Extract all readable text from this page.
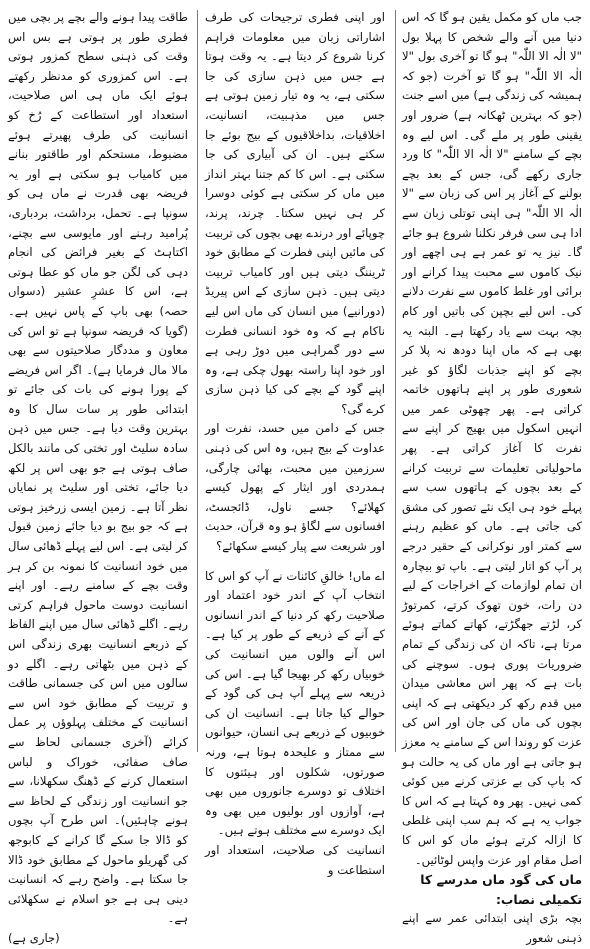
جب ماں کو مکمل یقین ہو گا کہ اس دنیا میں آنے والے شخص کا پہلا بول "لا الٰہ الا اللّٰہ" ہو گا تو آخری بول "لا الٰہ الا اللّٰہ" ہو گا تو آخرت (جو کہ ہمیشہ کی زندگی ہے) میں اسے جنت (جو کہ بہترین ٹھکانہ ہے) ضرور اور یقینی طور پر ملے گی۔ اس لیے وہ بچے کے سامنے "لا الٰہ الا اللّٰہ" کا ورد جاری رکھے گی، جس کے بعد بچے بولنے کے آغاز پر اس کی زبان سے "لا الٰہ الا اللّٰہ" ہی اپنی توتلی زبان سے ادا ہی سی فرفر نکلنا شروع ہو جائے گا۔ نیز یہ تو عمر ہے ہی اچھے اور نیک کاموں سے محبت پیدا کرانے اور برائی اور غلط کاموں سے نفرت دلانے کی۔ اس لیے بچپن کی باتیں اور کام بچہ بہت سے یاد رکھتا ہے۔ البتہ یہ بھی ہے کہ ماں اپنا دودھ نہ پلا کر بچے کو اپنے جذبات لگاؤ کو غیر شعوری طور پر اپنے ہاتھوں خاتمہ کراتی ہے۔ پھر چھوٹی عمر میں انہیں اسکول میں بھیج کر اپنے سے نفرت کا آغاز کراتی ہے۔ پھر ماحولیاتی تعلیمات سے تربیت کرانے کے بعد بچوں کے ہاتھوں سب سے پہلے خود ہی ایک نئے تصور کی مشق کی جاتی ہے۔ ماں کو عظیم رہنے سے کمتر اور نوکرانی کے حقیر درجے پر آپ کو اتار لیتی ہے۔ باپ تو بیچارہ ان تمام لوازمات کے اخراجات کے لیے دن رات، خون تھوک کرتے، کمرتوڑ کر، لڑتے جھگڑتے، کھاتے کماتے ہوئے مرتا ہے، تاکہ ان کی زندگی کے تمام ضروریات پوری ہوں۔ سوچنے کی بات ہے کہ پھر اس معاشی میدان میں قدم رکھ کر دیکھتی ہے کہ اپنی بچوں کی ماں کی جان اور اس کی عزت کو روندا اس کے سامنے یہ معزز ہو جاتی ہے اور ماں کی یہ حالت ہو کہ باپ کی بے عزتی کرنے میں کوئی کمی نہیں۔ پھر وہ کہتا ہے کہ اس کا جواب یہ ہے کہ ہم سب اپنی غلطی کا ازالہ کرتے ہوئے ماں کو اس کا اصل مقام اور عزت واپس لوٹائیں۔

ماں کی گود ماں مدرسے کا تکمیلی نصاب:

بچہ بڑی اپنی ابتدائی عمر سے اپنے ذہنی شعور

اور اپنی فطری ترجیحات کی طرف اشاراتی زبان میں معلومات فراہم کرنا شروع کر دیتا ہے۔ یہ وقت ہوتا ہے جس میں ذہن سازی کی جا سکتی ہے، یہ وہ تیار زمین ہوتی ہے جس میں مذہبیت، انسانیت، اخلاقیات، بداخلاقیوں کے بیج بوئے جا سکتے ہیں۔ ان کی آبیاری کی جا سکتی ہے۔ اس کا کم جتنا بہتر انداز میں ماں کر سکتی ہے کوئی دوسرا کر ہی نہیں سکتا۔ چرند، پرند، چوپائے اور درندے بھی بچوں کی تربیت کی مائیں اپنی فطرت کے مطابق خود ٹریننگ دیتی ہیں اور کامیاب تربیت دیتی ہیں۔ ذہن سازی کے اس پیریڈ (دورانیے) میں انسان کی ماں اس لیے ناکام ہے کہ وہ خود انسانی فطرت سے دور گمراہی میں دوڑ رہی ہے اور خود اپنا راستہ بھول چکی ہے، وہ اپنے گود کے بچے کی کیا ذہن سازی کرے گی؟

جس کے دامن میں حسد، نفرت اور عداوت کے بیج ہیں، وہ اس کی ذہنی سرزمین میں محبت، بھائی چارگی، ہمدردی اور ایثار کے پھول کیسے کھلائے؟ جسے ناول، ڈائجسٹ، افسانوں سے لگاؤ ہو وہ قرآن، حدیث اور شریعت سے پیار کیسے سکھائے؟

اے ماں! خالقِ کائنات نے آپ کو اس کا انتخاب آپ کے اندر خود اعتماد اور صلاحیت رکھ کر دنیا کے اندر انسانوں کے آنے کے ذریعے کے طور پر کیا ہے۔ اس آنے والوں میں انسانیت کی خوبیاں رکھ کر بھیجا گیا ہے۔ اس کی ذریعہ سے پہلے آپ ہی کی گود کے حوالے کیا جاتا ہے۔ انسانیت ان کی خوبیوں کے ذریعے ہی انسان، حیوانوں سے ممتاز و علیحدہ ہوتا ہے، ورنہ صورتوں، شکلوں اور ہیئتوں کا اختلاف تو دوسرے جانوروں میں بھی ہے، آوازوں اور بولیوں میں بھی وہ ایک دوسرے سے مختلف ہوتے ہیں۔

انسانیت کی صلاحیت، استعداد اور استطاعت و

طاقت پیدا ہونے والے بچے پر بچی میں فطری طور پر ہوتی ہے بس اس وقت کی ذہنی سطح کمزور ہوتی ہے۔ اس کمزوری کو مدنظر رکھتے ہوئے ایک ماں ہی اس صلاحیت، استعداد اور استطاعت کے رُخ کو انسانیت کی طرف پھیرتے ہوئے مضبوط، مستحکم اور طاقتور بنانے میں کامیاب ہو سکتی ہے اور یہ فریضہ بھی قدرت نے ماں ہی کو سونپا ہے۔ تحمل، برداشت، بردباری، پُرامید رہنے اور مایوسی سے بچنے، اکتاہٹ کے بغیر فرائض کی انجام دہی کی لگن جو ماں کو عطا ہوتی ہے، اس کا عشرِ عشیر (دسواں حصہ) بھی باپ کے پاس نہیں ہے۔ (گویا کہ فریضہ سونپا ہے تو اس کی معاون و مددگار صلاحیتوں سے بھی مالا مال فرمایا ہے)۔ اگر اس فریضے کے پورا ہونے کی بات کی جائے تو ابتدائی طور پر سات سال کا وہ بہترین وقت دیا ہے۔ جس میں ذہن سادہ سلیٹ اور تختی کی مانند بالکل صاف ہوتی ہے جو بھی اس پر لکھ دیا جائے، تختی اور سلیٹ پر نمایاں نظر آتا ہے۔ زمین ایسی زرخیز ہوتی ہے کہ جو بیج بو دیا جائے زمین قبول کر لیتی ہے۔ اس لیے پہلے ڈھائی سال میں خود انسانیت کا نمونہ بن کر ہر وقت بچے کے سامنے رہے۔ اور اپنے انسانیت دوست ماحول فراہم کرتی رہے۔ اگلے ڈھائی سال میں اپنے الفاظ کے ذریعے انسانیت بھری زندگی اس کے ذہن میں بٹھاتی رہے۔ اگلے دو سالوں میں اس کی جسمانی طاقت و تربیت کے مطابق خود اس سے انسانیت کے مختلف پہلوؤں پر عمل کرائے (آخری جسمانی لحاظ سے صاف صفائی، خوراک و لباس استعمال کرنے کے ڈھنگ سکھلانا، سے جو انسانیت اور زندگی کے لحاظ سے ہونے چاہئیں)۔ اس طرح آپ بچوں کو ڈالا جا سکے گا کرانے کے کابوجھ کی گھریلو ماحول کے مطابق خود ڈالا جا سکتا ہے۔ واضح رہے کہ انسانیت دینی ہی ہے جو اسلام نے سکھلائی ہے۔

(جاری ہے)
